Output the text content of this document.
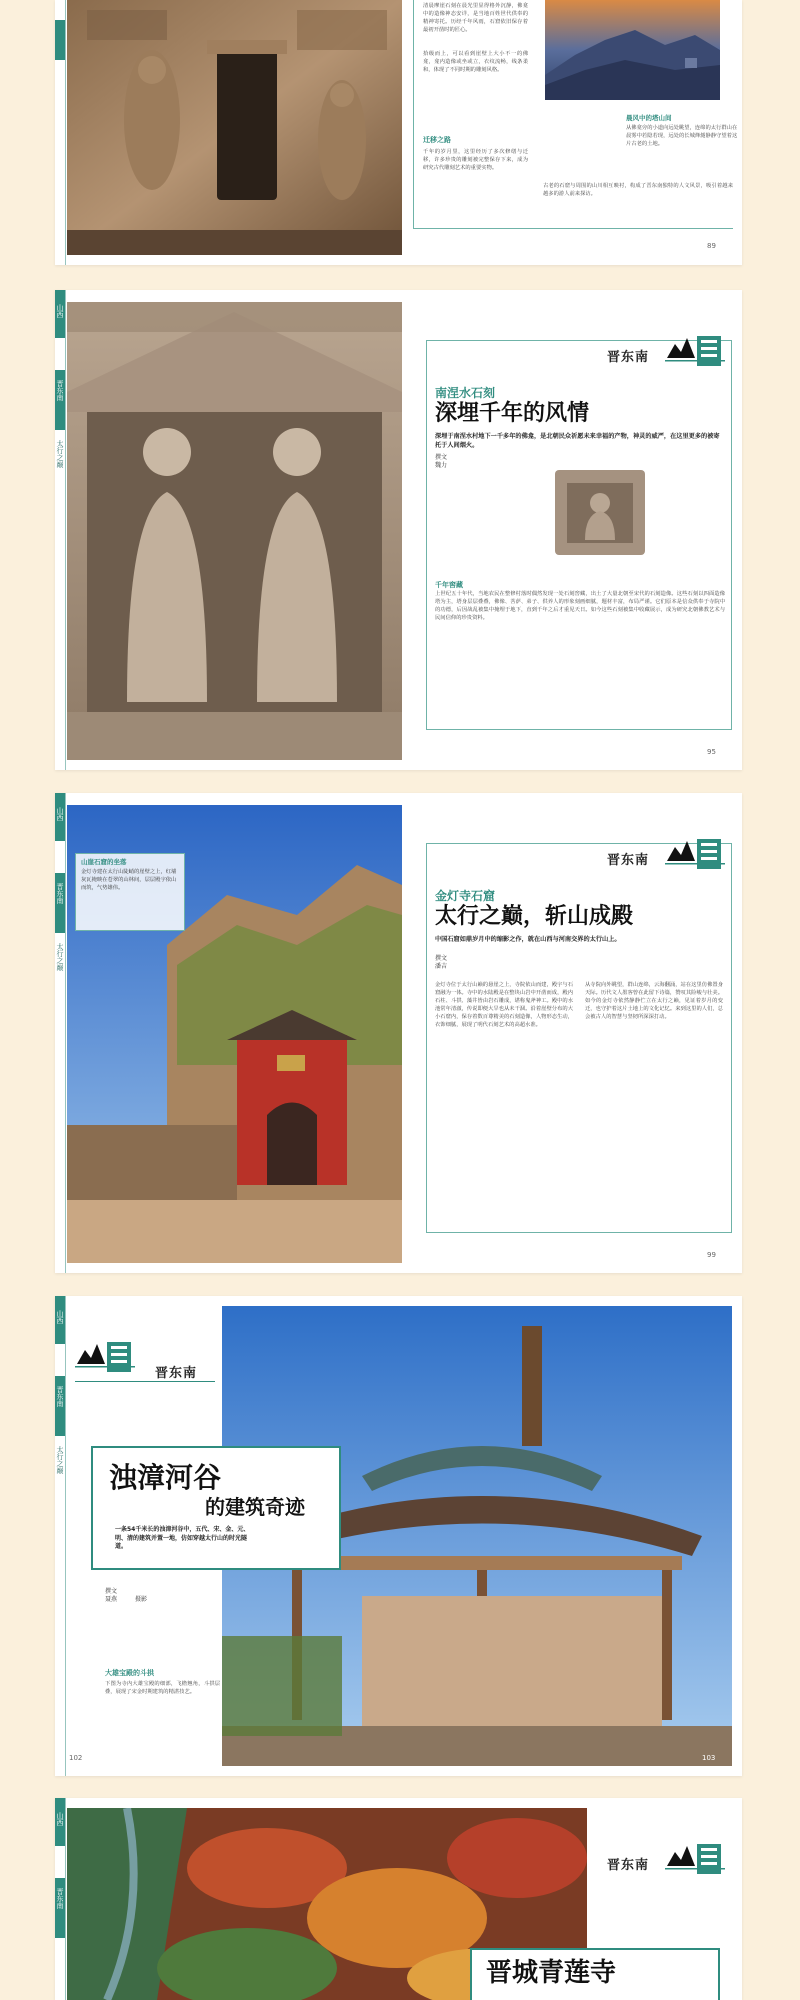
清晨摩崖石刻在晨光里显得格外沉静，佛龛中的造像神态安详，是当地百姓世代供奉的精神寄托。历经千年风雨，石窟依旧保存着最初开凿时的匠心。
拾级而上，可以看到崖壁上大小不一的佛龛，龛内造像或坐或立，衣纹流畅，线条柔和，体现了不同时期的雕刻风格。
迁移之路
千年的岁月里，这里经历了多次修缮与迁移，许多珍贵的雕刻被完整保存下来，成为研究古代雕刻艺术的重要实物。
晨风中的塔山间
从佛龛旁的小道向远处眺望，连绵的太行群山在晨雾中若隐若现，远处的长城烽燧静静守望着这片古老的土地。
古老的石窟与周围的山川相互映衬，构成了晋东南独特的人文风景，吸引着越来越多的游人前来探访。
89
山西
晋东南
太行之巅
晋东南
南涅水石刻
深埋千年的风情
深埋于南涅水村地下一千多年的佛龛，是北朝民众祈愿未来幸福的产物，神灵的威严，在这里更多的被寄托于人间烟火。
撰文
魏力
千年窖藏
上世纪五十年代，当地农民在整修村落时偶然发现一处石刻窖藏，出土了大量北朝至宋代的石刻造像。这些石刻以四面造像塔为主，塔身层层叠叠，佛像、菩萨、弟子、供养人的形象刻画细腻，题材丰富，布局严谨。它们原本是信众供奉于寺院中的功德，后因战乱被集中掩埋于地下，直到千年之后才重见天日。如今这些石刻被集中收藏展示，成为研究北朝佛教艺术与民间信仰的珍贵资料。
95
山西
晋东南
太行之巅
山崖石窟的坐落
金灯寺建在太行山陡峭的崖壁之上，红墙灰瓦掩映在苍翠的山林间，层层殿宇依山而筑，气势雄伟。
晋东南
金灯寺石窟
太行之巅，斩山成殿
中国石窟如鼎岁月中的缩影之作，就在山西与河南交界的太行山上。
撰文
潘吉
金灯寺位于太行山巅的悬崖之上，寺院依山而建，殿宇与石窟融为一体。寺中的水陆殿是在整块山岩中开凿而成，殿内石柱、斗拱、藻井皆由岩石雕成，堪称鬼斧神工。殿中的水池常年清澈，传说即便大旱也从未干涸。沿着崖壁分布的大小石窟内，保存着数百尊精美的石刻造像，人物形态生动，衣饰细腻，展现了明代石刻艺术的高超水准。
从寺院向外眺望，群山连绵，云海翻涌，站在这里仿佛置身天际。历代文人墨客曾在此留下诗篇，赞叹其险峻与壮美。如今的金灯寺依然静静伫立在太行之巅，见证着岁月的变迁，也守护着这片土地上的文化记忆。来到这里的人们，总会被古人的智慧与坚韧所深深打动。
99
山西
晋东南
太行之巅
晋东南
浊漳河谷
的建筑奇迹
一条54千米长的浊漳河谷中，五代、宋、金、元、明、清的建筑并置一地，仿如穿越太行山的时光隧道。
撰文
聂燕	摄影
大雄宝殿的斗拱
下图为寺内大雄宝殿的细部，飞檐翘角，斗拱层叠，展现了宋金时期建筑的精湛技艺。
102	103
山西
晋东南
晋东南
晋城青莲寺
